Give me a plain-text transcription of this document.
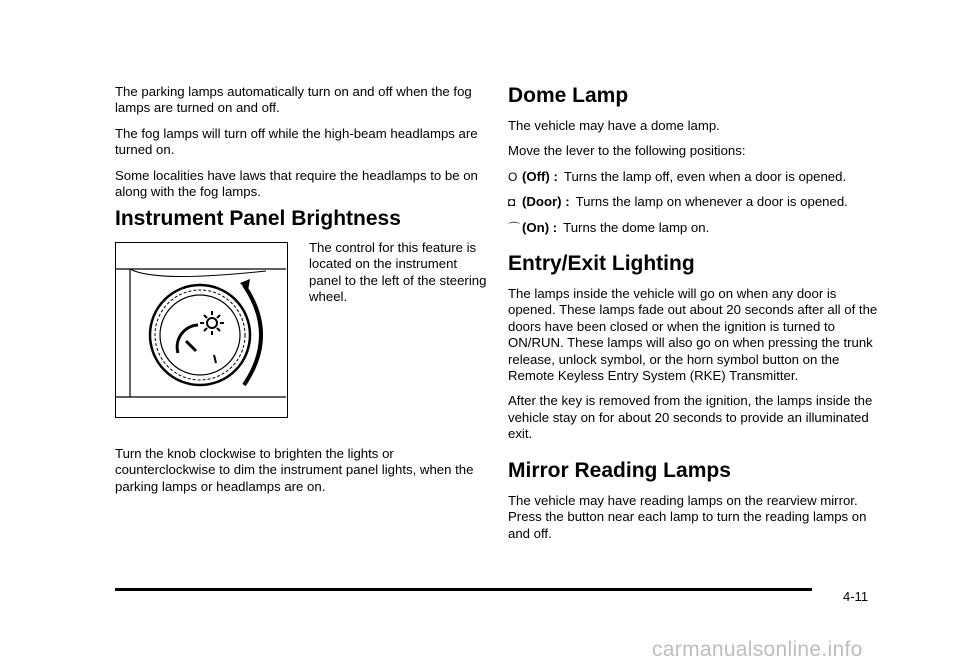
The parking lamps automatically turn on and off when the fog lamps are turned on and off.

The fog lamps will turn off while the high-beam headlamps are turned on.

Some localities have laws that require the headlamps to be on along with the fog lamps.

Instrument Panel Brightness

The control for this feature is located on the instrument panel to the left of the steering wheel.

Turn the knob clockwise to brighten the lights or counterclockwise to dim the instrument panel lights, when the parking lamps or headlamps are on.

Dome Lamp

The vehicle may have a dome lamp.

Move the lever to the following positions:

O (Off) : Turns the lamp off, even when a door is opened.

◘ (Door) : Turns the lamp on whenever a door is opened.

⌒ (On) : Turns the dome lamp on.

Entry/Exit Lighting

The lamps inside the vehicle will go on when any door is opened. These lamps fade out about 20 seconds after all of the doors have been closed or when the ignition is turned to ON/RUN. These lamps will also go on when pressing the trunk release, unlock symbol, or the horn symbol button on the Remote Keyless Entry System (RKE) Transmitter.

After the key is removed from the ignition, the lamps inside the vehicle stay on for about 20 seconds to provide an illuminated exit.

Mirror Reading Lamps

The vehicle may have reading lamps on the rearview mirror. Press the button near each lamp to turn the reading lamps on and off.

4-11
carmanualsonline.info
